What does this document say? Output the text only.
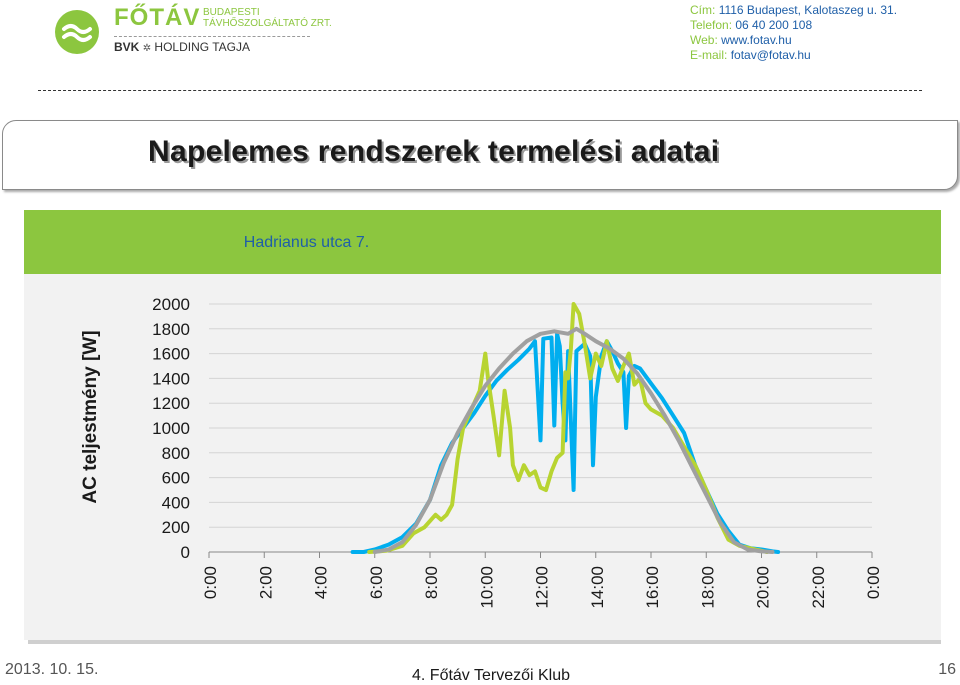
FŐTÁV BUDAPESTI
TÁVHŐSZOLGÁLTATÓ ZRT.
BVK ✲ HOLDING TAGJA
Cím: 1116 Budapest, Kalotaszeg u. 31.
Telefon: 06 40 200 108
Web: www.fotav.hu
E-mail: fotav@fotav.hu
Napelemes rendszerek termelési adatai
Hadrianus utca 7.
0
200
400
600
800
1000
1200
1400
1600
1800
2000
0:00 2:00 4:00 6:00 8:00 10:00 12:00 14:00 16:00 18:00 20:00 22:00 0:00
AC teljestmény [W]
2013. 10. 15.	4. Főtáv Tervezői Klub	16
